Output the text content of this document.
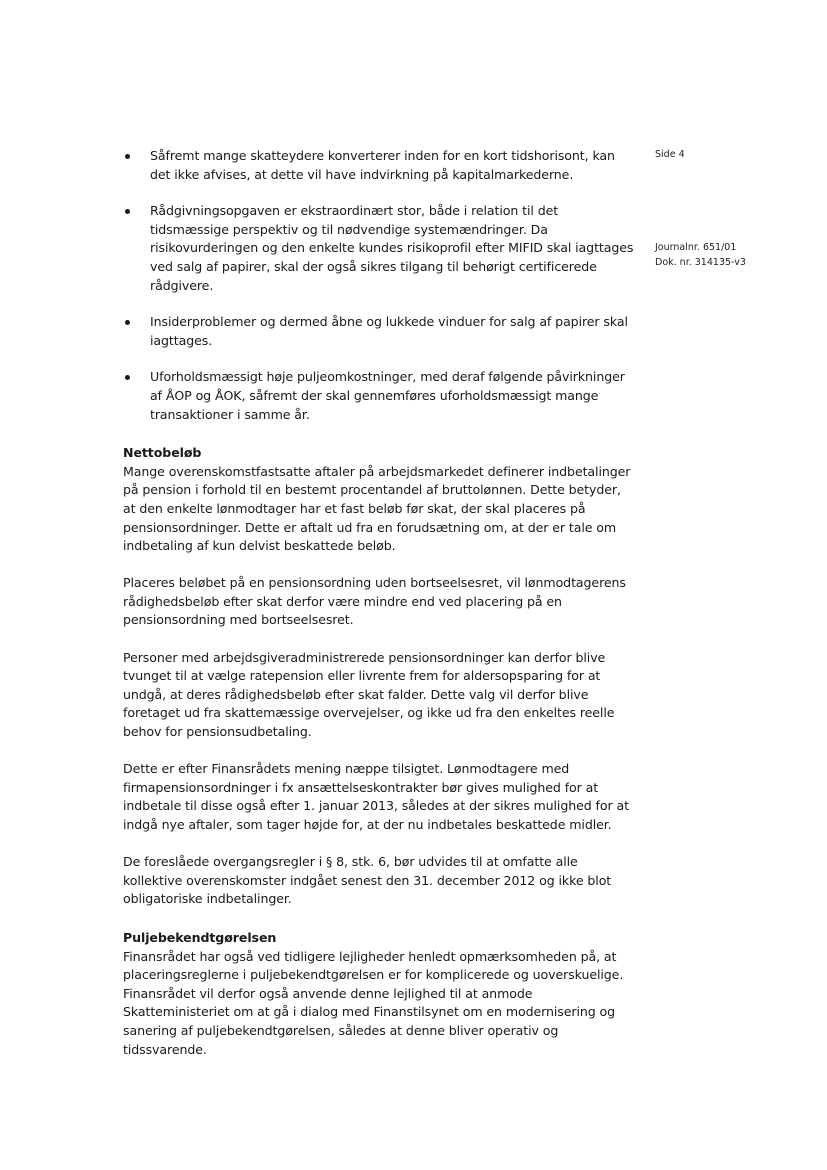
Side 4
Journalnr. 651/01
Dok. nr. 314135-v3
Såfremt mange skatteydere konverterer inden for en kort tidshorisont, kan det ikke afvises, at dette vil have indvirkning på kapitalmarkederne.
Rådgivningsopgaven er ekstraordinært stor, både i relation til det tidsmæssige perspektiv og til nødvendige systemændringer. Da risikovurderingen og den enkelte kundes risikoprofil efter MIFID skal iagttages ved salg af papirer, skal der også sikres tilgang til behørigt certificerede rådgivere.
Insiderproblemer og dermed åbne og lukkede vinduer for salg af papirer skal iagttages.
Uforholdsmæssigt høje puljeomkostninger, med deraf følgende påvirkninger af ÅOP og ÅOK, såfremt der skal gennemføres uforholdsmæssigt mange transaktioner i samme år.
Nettobeløb

Mange overenskomstfastsatte aftaler på arbejdsmarkedet definerer indbetalinger på pension i forhold til en bestemt procentandel af bruttolønnen. Dette betyder, at den enkelte lønmodtager har et fast beløb før skat, der skal placeres på pensionsordninger. Dette er aftalt ud fra en forudsætning om, at der er tale om indbetaling af kun delvist beskattede beløb.

Placeres beløbet på en pensionsordning uden bortseelsesret, vil lønmodtagerens rådighedsbeløb efter skat derfor være mindre end ved placering på en pensionsordning med bortseelsesret.

Personer med arbejdsgiveradministrerede pensionsordninger kan derfor blive tvunget til at vælge ratepension eller livrente frem for aldersopsparing for at undgå, at deres rådighedsbeløb efter skat falder. Dette valg vil derfor blive foretaget ud fra skattemæssige overvejelser, og ikke ud fra den enkeltes reelle behov for pensionsudbetaling.

Dette er efter Finansrådets mening næppe tilsigtet. Lønmodtagere med firmapensionsordninger i fx ansættelseskontrakter bør gives mulighed for at indbetale til disse også efter 1. januar 2013, således at der sikres mulighed for at indgå nye aftaler, som tager højde for, at der nu indbetales beskattede midler.

De foreslåede overgangsregler i § 8, stk. 6, bør udvides til at omfatte alle kollektive overenskomster indgået senest den 31. december 2012 og ikke blot obligatoriske indbetalinger.

Puljebekendtgørelsen

Finansrådet har også ved tidligere lejligheder henledt opmærksomheden på, at placeringsreglerne i puljebekendtgørelsen er for komplicerede og uoverskuelige. Finansrådet vil derfor også anvende denne lejlighed til at anmode Skatteministeriet om at gå i dialog med Finanstilsynet om en modernisering og sanering af puljebekendtgørelsen, således at denne bliver operativ og tidssvarende.
